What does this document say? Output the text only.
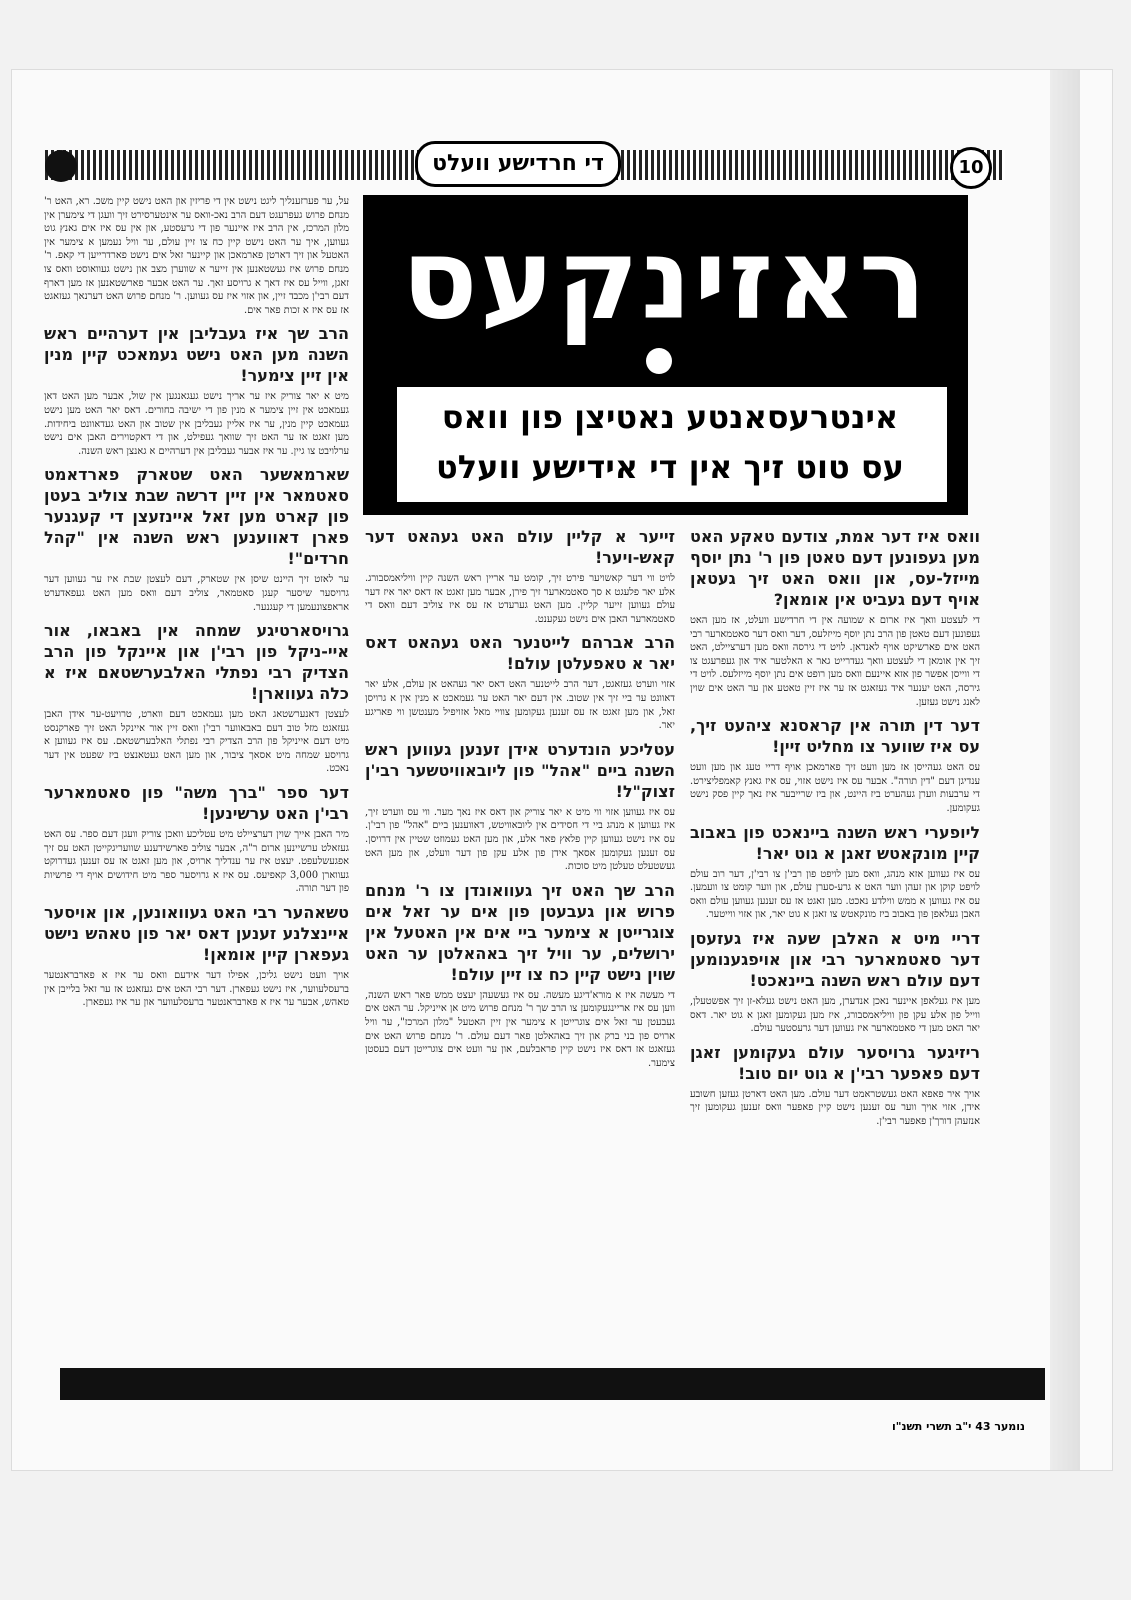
די חרדישע וועלט	10
ראזינקעס
אינטרעסאנטע נאטיצן פון וואס
עס טוט זיך אין די אידישע וועלט

על, ער פערזענליך ליגט נישט אין די פריזין און האט נישט קיין משכ. רא, האט ר' מנחם פרוש געפרעגט דעם הרב נאכ-וואס ער אינטערסירט זיך וועגן די צימערן אין מלון המרכז, אין הרב איז איינער פון די גרעסטע, און אין עס איז אים גאנץ גוט געווען, איך ער האט נישט קיין כח צו זיין עולם, ער וויל נעמען א צימער אין האטעל און זיך דארטן פארמאכן און קיינער זאל אים נישט פארדרייען די קאפ. ר' מנחם פרוש איז געשטאנען אין זייער א שווערן מצב און נישט געוואוסט וואס צו זאגן, ווייל עס איז דאך א גרויסע זאך. ער האט אבער פארשטאנען אז מען דארף דעם רבי'ן מכבד זיין, און אזוי איז עס געווען. ר' מנחם פרוש האט דערנאך געזאגט אז עס איז א זכות פאר אים.

הרב שך איז געבליבן אין דערהיים ראש השנה מען האט נישט געמאכט קיין מנין אין זיין צימער!

מיט א יאר צוריק איז ער אריך נישט געגאנגען אין שול, אבער מען האט דאן געמאכט אין זיין צימער א מנין פון די ישיבה בחורים. דאס יאר האט מען נישט געמאכט קיין מנין, ער איז אליין געבליבן אין שטוב און האט געדאוונט ביחידות. מען זאגט אז ער האט זיך שוואך געפילט, און די דאקטוירים האבן אים נישט ערלויבט צו גיין. ער איז אבער געבליבן אין דערהיים א גאנצן ראש השנה.

שארמאשער האט שטארק פארדאמט סאטמאר אין זיין דרשה שבת צוליב בעטן פון קארט מען זאל איינזעצן די קעגנער פארן דאווענען ראש השנה אין "קהל חרדים"!

ער לאזט זיך היינט שיסן אין שטארק, דעם לעצטן שבת איז ער געווען דער גרויסער שיסער קעגן סאטמאר, צוליב דעם וואס מען האט געפאדערט אראפצונעמען די קעגנער.

גרויסארטיגע שמחה אין באבאו, אור איי-ניקל פון רבי'ן און איינקל פון הרב הצדיק רבי נפתלי האלבערשטאם איז א כלה געווארן!

לעצטן דאנערשטאג האט מען געמאכט דעם ווארט, טרויעט-ער אידן האבן געזאגט מזל טוב דעם באבאווער רבי'ן וואס זיין אור איינקל האט זיך פארקנסט מיט דעם אייניקל פון הרב הצדיק רבי נפתלי האלבערשטאם. עס איז געווען א גרויסע שמחה מיט אסאך ציבור, און מען האט געטאנצט ביז שפעט אין דער נאכט.

דער ספר "ברך משה" פון סאטמארער רבי'ן האט ערשינען!

מיר האבן אייך שוין דערציילט מיט עטליכע וואכן צוריק וועגן דעם ספר. עס האט געזאלט ערשיינען ארום ר"ה, אבער צוליב פארשידענע שוועריגקייטן האט עס זיך אפגעשלעפט. יעצט איז ער ענדליך ארויס, און מען זאגט אז עס זענען געדרוקט געווארן 3,000 קאפיעס. עס איז א גרויסער ספר מיט חידושים אויף די פרשיות פון דער תורה.

טשאהער רבי האט געוואונען, און אויסער איינצלנע זענען דאס יאר פון טאהש נישט געפארן קיין אומאן!

אויך וועט נישט גליכן, אפילו דער אידעם וואס ער איז א פארבראנטער ברעסלעווער, איז נישט געפארן. דער רבי האט אים געזאגט אז ער זאל בלייבן אין טאהש, אבער ער איז א פארבראנטער ברעסלעווער און ער איז געפארן.

זייער א קליין עולם האט געהאט דער קאש-ויער!

לויט ווי דער קאשויער פירט זיך, קומט ער אריין ראש השנה קיין וויליאמסבורג. אלע יאר פלעגט א סך סאטמארער זיך פירן, אבער מען זאגט אז דאס יאר איז דער עולם געווען זייער קליין. מען האט גערעדט אז עס איז צוליב דעם וואס די סאטמארער האבן אים נישט געקענט.

הרב אברהם לייטנער האט געהאט דאס יאר א טאפעלטן עולם!

אזוי ווערט געזאגט, דער הרב לייטנער האט דאס יאר געהאט אן עולם, אלע יאר דאוונט ער ביי זיך אין שטוב. אין דעם יאר האט ער געמאכט א מנין אין א גרויסן זאל, און מען זאגט אז עס זענען געקומען צוויי מאל אזויפיל מענטשן ווי פאריגע יאר.

עטליכע הונדערט אידן זענען געווען ראש השנה ביים "אהל" פון ליובאוויטשער רבי'ן זצוק"ל!

עס איז געווען אזוי ווי מיט א יאר צוריק און דאס איז נאך מער. ווי עס ווערט זיך, איז געווען א מנהג ביי די חסידים אין ליובאוויטש, דאווענען ביים "אהל" פון רבי'ן. עס איז נישט געווען קיין פלאץ פאר אלע, און מען האט געמוזט שטיין אין דרויסן. עס זענען געקומען אסאך אידן פון אלע עקן פון דער וועלט, און מען האט געשטעלט טעלטן מיט סוכות.

הרב שך האט זיך געוואונדן צו ר' מנחם פרוש און געבעטן פון אים ער זאל אים צוגרייטן א צימער ביי אים אין האטעל אין ירושלים, ער וויל זיך באהאלטן ער האט שוין נישט קיין כח צו זיין עולם!

די מעשה איז א מורא'דיגע מעשה. עס איז געשעהן יעצט ממש פאר ראש השנה, ווען עס איז אריינגעקומען צו הרב שך ר' מנחם פרוש מיט אן אייניקל. ער האט אים געבעטן ער זאל אים צוגרייטן א צימער אין זיין האטעל "מלון המרכז", ער וויל ארויס פון בני ברק און זיך באהאלטן פאר דעם עולם. ר' מנחם פרוש האט אים געזאגט אז דאס איז נישט קיין פראבלעם, און ער וועט אים צוגרייטן דעם בעסטן צימער.

וואס איז דער אמת, צודעם טאקע האט מען געפונען דעם טאטן פון ר' נתן יוסף מייזל-עס, און וואס האט זיך געטאן אויף דעם געביט אין אומאן?

די לעצטע וואך איז ארום א שמועה אין די חרדישע וועלט, אז מען האט געפונען דעם טאטן פון הרב נתן יוסף מייזלעס, דער וואס דער סאטמארער רבי האט אים פארשיקט אויף לאנדאן. לויט די גירסה וואס מען דערציילט, האט זיך אין אומאן די לעצטע וואך געדרייט גאר א האלטער איד און געפרעגט צו די ווייסן אפשר פון אזא איינעם וואס מען רופט אים נתן יוסף מייזלעס. לויט די גירסה, האט יענער איד געזאגט אז ער איז זיין טאטע און ער האט אים שוין לאנג נישט געזען.

דער דין תורה אין קראסנא ציהעט זיך, עס איז שווער צו מחליט זיין!

עס האט געהייסן אז מען וועט זיך פארמאכן אויף דריי טעג און מען וועט ענדיגן דעם "דין תורה". אבער עס איז נישט אזוי, עס איז גאנץ קאמפליצירט. די ערבעות ווערן געהערט ביז היינט, און ביז שרייבער איז נאך קיין פסק נישט געקומען.

ליופערי ראש השנה ביינאכט פון באבוב קיין מונקאטש זאגן א גוט יאר!

עס איז געווען אזא מנהג, וואס מען לויפט פון רבי'ן צו רבי'ן, דער רוב עולם לויפט קוקן און זעהן ווער האט א גרע-סערן עולם, און ווער קומט צו וועמען. עס איז געווען א ממש ווילדע נאכט. מען זאגט אז עס זענען געווען עולם וואס האבן געלאפן פון באבוב ביז מונקאטש צו זאגן א גוט יאר, און אזוי ווייטער.

דריי מיט א האלבן שעה איז געזעסן דער סאטמארער רבי און אויפגענומען דעם עולם ראש השנה ביינאכט!

מען איז געלאפן איינער נאכן אנדערן, מען האט נישט געלא-זן זיך אפשטעלן, ווייל פון אלע עקן פון וויליאמסבורג, איז מען געקומען זאגן א גוט יאר. דאס יאר האט מען די סאטמארער איז געווען דער גרעסטער עולם.

ריזיגער גרויסער עולם געקומען זאגן דעם פאפער רבי'ן א גוט יום טוב!

אויך איר פאפא האט געשטראמט דער עולם. מען האט דארטן געזען חשובע אידן, אזוי אויך ווער עס זענען נישט קיין פאפער וואס זענען געקומען זיך אנזעהן דורך'ן פאפער רבי'ן.

נומער 43 י"ב תשרי תשנ"ו
